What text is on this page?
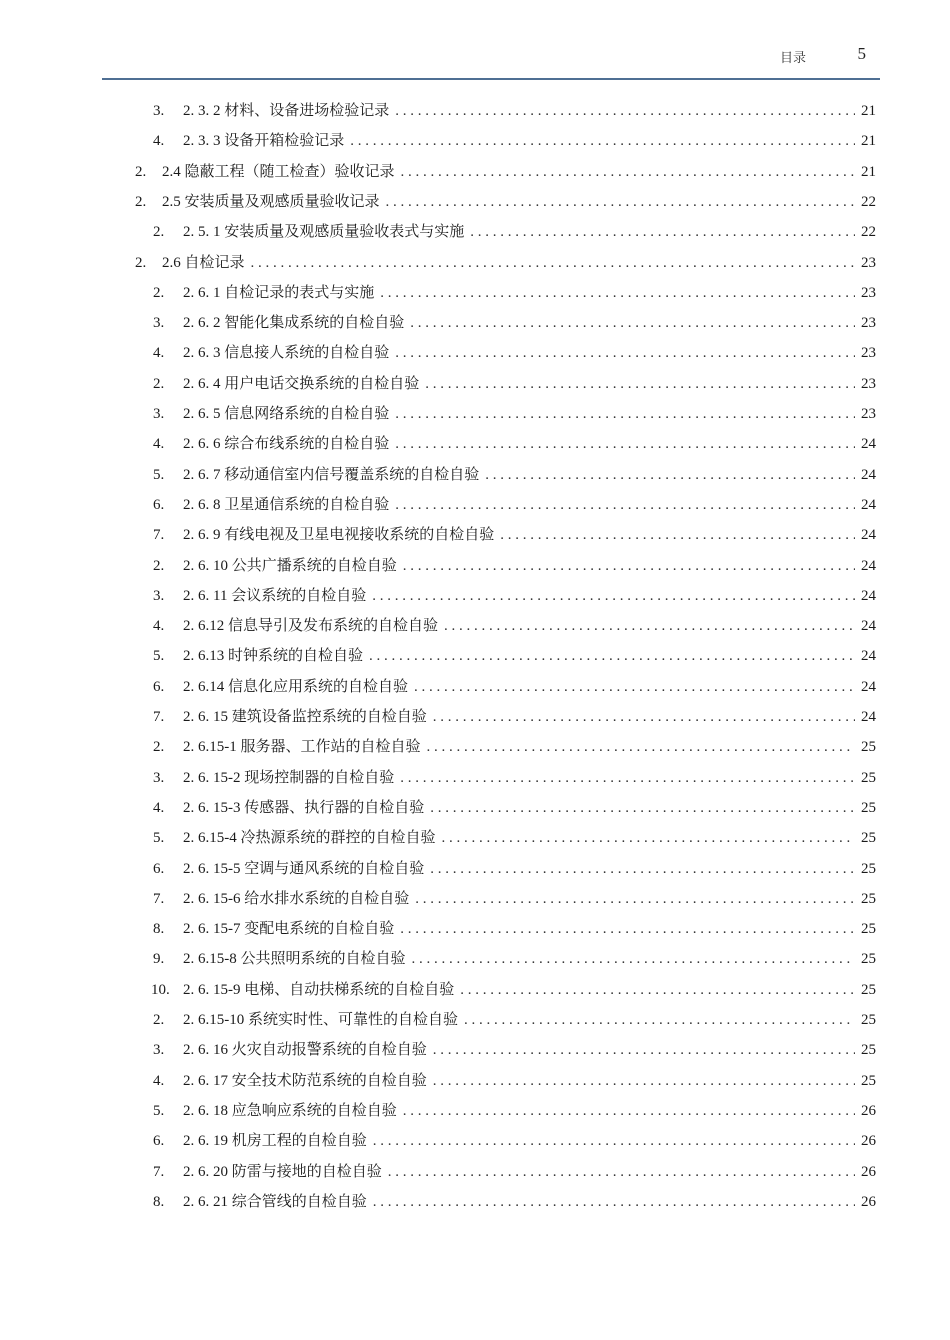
目录	5
3.	2. 3. 2 材料、设备进场检验记录 . . .	21
4.	2. 3. 3 设备开箱检验记录 . . .	21
2.	2.4 隐蔽工程（随工检查）验收记录 . . .	21
2.	2.5 安装质量及观感质量验收记录 . . .	22
2.	2. 5. 1 安装质量及观感质量验收表式与实施 . . .	22
2.	2.6 自检记录 . . .	23
2.	2. 6. 1 自检记录的表式与实施 . . .	23
3.	2. 6. 2 智能化集成系统的自检自验 . . .	23
4.	2. 6. 3 信息接人系统的自检自验 . . .	23
2.	2. 6. 4 用户电话交换系统的自检自验 . . .	23
3.	2. 6. 5 信息网络系统的自检自验 . . .	23
4.	2. 6. 6 综合布线系统的自检自验 . . .	24
5.	2. 6. 7 移动通信室内信号覆盖系统的自检自验 . . .	24
6.	2. 6. 8 卫星通信系统的自检自验 . . .	24
7.	2. 6. 9 有线电视及卫星电视接收系统的自检自验 . . .	24
2.	2. 6. 10 公共广播系统的自检自验 . . .	24
3.	2. 6. 11 会议系统的自检自验 . . .	24
4.	2. 6.12 信息导引及发布系统的自检自验 . . .	24
5.	2. 6.13 时钟系统的自检自验 . . .	24
6.	2. 6.14 信息化应用系统的自检自验 . . .	24
7.	2. 6. 15 建筑设备监控系统的自检自验 . . .	24
2.	2. 6.15-1 服务器、工作站的自检自验 . . .	25
3.	2. 6. 15-2 现场控制器的自检自验 . . .	25
4.	2. 6. 15-3 传感器、执行器的自检自验 . . .	25
5.	2. 6.15-4 冷热源系统的群控的自检自验 . . .	25
6.	2. 6. 15-5 空调与通风系统的自检自验 . . .	25
7.	2. 6. 15-6 给水排水系统的自检自验 . . .	25
8.	2. 6. 15-7 变配电系统的自检自验 . . .	25
9.	2. 6.15-8 公共照明系统的自检自验 . . .	25
10. 2. 6. 15-9 电梯、自动扶梯系统的自检自验 . . .	25
2.	2. 6.15-10 系统实时性、可靠性的自检自验 . . .	25
3.	2. 6. 16 火灾自动报警系统的自检自验 . . .	25
4.	2. 6. 17 安全技术防范系统的自检自验 . . .	25
5.	2. 6. 18 应急响应系统的自检自验 . . .	26
6.	2. 6. 19 机房工程的自检自验 . . .	26
7.	2. 6. 20 防雷与接地的自检自验 . . .	26
8.	2. 6. 21 综合管线的自检自验 . . .	26
